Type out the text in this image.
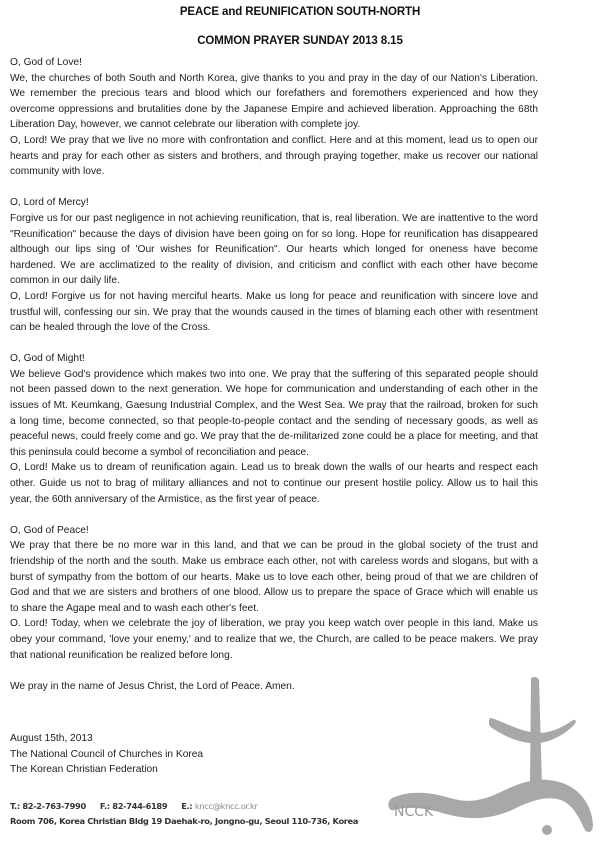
PEACE and REUNIFICATION SOUTH-NORTH
COMMON PRAYER SUNDAY 2013 8.15

O, God of Love!

We, the churches of both South and North Korea, give thanks to you and pray in the day of our Nation's Liberation. We remember the precious tears and blood which our forefathers and foremothers experienced and how they overcome oppressions and brutalities done by the Japanese Empire and achieved liberation. Approaching the 68th Liberation Day, however, we cannot celebrate our liberation with complete joy.

O, Lord! We pray that we live no more with confrontation and conflict. Here and at this moment, lead us to open our hearts and pray for each other as sisters and brothers, and through praying together, make us recover our national community with love.

O, Lord of Mercy!

Forgive us for our past negligence in not achieving reunification, that is, real liberation. We are inattentive to the word "Reunification" because the days of division have been going on for so long. Hope for reunification has disappeared although our lips sing of 'Our wishes for Reunification". Our hearts which longed for oneness have become hardened. We are acclimatized to the reality of division, and criticism and conflict with each other have become common in our daily life.

O, Lord! Forgive us for not having merciful hearts. Make us long for peace and reunification with sincere love and trustful will, confessing our sin. We pray that the wounds caused in the times of blaming each other with resentment can be healed through the love of the Cross.

O, God of Might!

We believe God's providence which makes two into one. We pray that the suffering of this separated people should not been passed down to the next generation. We hope for communication and understanding of each other in the issues of Mt. Keumkang, Gaesung Industrial Complex, and the West Sea. We pray that the railroad, broken for such a long time, become connected, so that people-to-people contact and the sending of necessary goods, as well as peaceful news, could freely come and go. We pray that the de-militarized zone could be a place for meeting, and that this peninsula could become a symbol of reconciliation and peace.

O, Lord! Make us to dream of reunification again. Lead us to break down the walls of our hearts and respect each other. Guide us not to brag of military alliances and not to continue our present hostile policy. Allow us to hail this year, the 60th anniversary of the Armistice, as the first year of peace.

O, God of Peace!

We pray that there be no more war in this land, and that we can be proud in the global society of the trust and friendship of the north and the south. Make us embrace each other, not with careless words and slogans, but with a burst of sympathy from the bottom of our hearts. Make us to love each other, being proud of that we are children of God and that we are sisters and brothers of one blood. Allow us to prepare the space of Grace which will enable us to share the Agape meal and to wash each other's feet.

O. Lord! Today, when we celebrate the joy of liberation, we pray you keep watch over people in this land. Make us obey your command, 'love your enemy,' and to realize that we, the Church, are called to be peace makers. We pray that national reunification be realized before long.

We pray in the name of Jesus Christ, the Lord of Peace. Amen.

August 15th, 2013
The National Council of Churches in Korea
The Korean Christian Federation
T.: 82-2-763-7990 F.: 82-744-6189 E.: kncc@kncc.or.kr
Room 706, Korea Christian Bldg 19 Daehak-ro, Jongno-gu, Seoul 110-736, Korea
NCCK
